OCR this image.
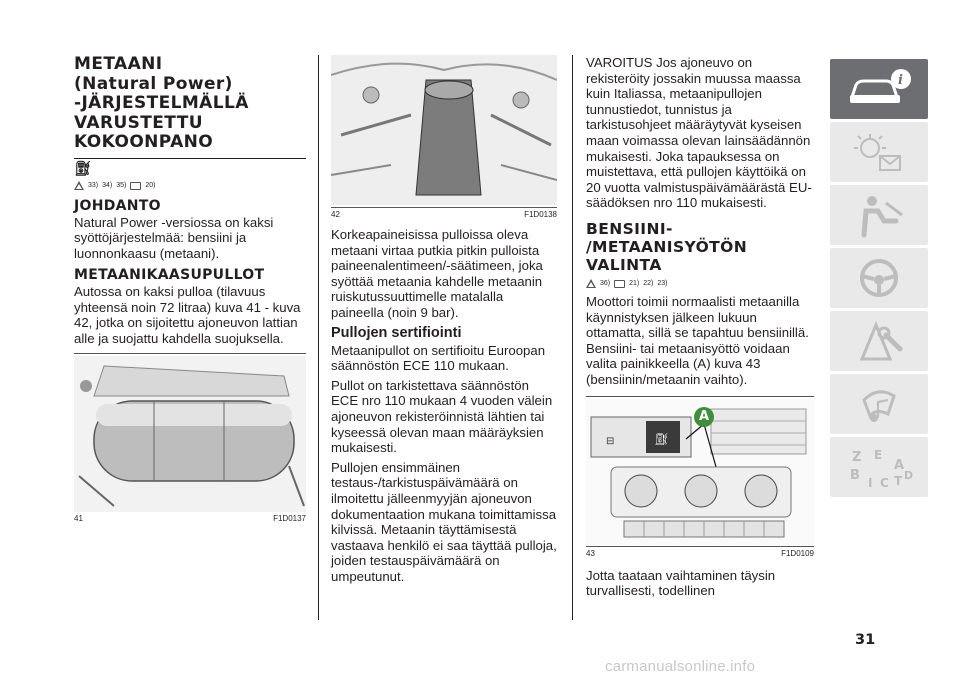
METAANI
(Natural Power)
-JÄRJESTELMÄLLÄ
VARUSTETTU
KOKOONPANO
⛽︎
33) 34) 35)	20)
JOHDANTO
Natural Power -versiossa on kaksi syöttöjärjestelmää: bensiini ja luonnonkaasu (metaani).
METAANIKAASUPULLOT
Autossa on kaksi pulloa (tilavuus yhteensä noin 72 litraa) kuva 41 - kuva 42, jotka on sijoitettu ajoneuvon lattian alle ja suojattu kahdella suojuksella.
41	F1D0137
42	F1D0138
Korkeapaineisissa pulloissa oleva metaani virtaa putkia pitkin pulloista paineenalentimeen/-säätimeen, joka syöttää metaania kahdelle metaanin ruiskutussuuttimelle matalalla paineella (noin 9 bar).
Pullojen sertifiointi
Metaanipullot on sertifioitu Euroopan säännöstön ECE 110 mukaan.
Pullot on tarkistettava säännöstön ECE nro 110 mukaan 4 vuoden välein ajoneuvon rekisteröinnistä lähtien tai kyseessä olevan maan määräyksien mukaisesti.
Pullojen ensimmäinen testaus-/tarkistuspäivämäärä on ilmoitettu jälleenmyyjän ajoneuvon dokumentaation mukana toimittamissa kilvissä. Metaanin täyttämisestä vastaava henkilö ei saa täyttää pulloja, joiden testauspäivämäärä on umpeutunut.
VAROITUS Jos ajoneuvo on rekisteröity jossakin muussa maassa kuin Italiassa, metaanipullojen tunnustiedot, tunnistus ja tarkistusohjeet määräytyvät kyseisen maan voimassa olevan lainsäädännön mukaisesti. Joka tapauksessa on muistettava, että pullojen käyttöikä on 20 vuotta valmistuspäivämäärästä EU-säädöksen nro 110 mukaisesti.
BENSIINI-
/METAANISYÖTÖN
VALINTA
36)	21) 22) 23)
Moottori toimii normaalisti metaanilla käynnistyksen jälkeen lukuun ottamatta, sillä se tapahtuu bensiinillä.
Bensiini- tai metaanisyöttö voidaan valita painikkeella (A) kuva 43 (bensiinin/metaanin vaihto).
⊟	⛽︎
A
43	F1D0109
Jotta taataan vaihtaminen täysin turvallisesti, todellinen
i
Z E
A
B I C T D
31
carmanualsonline.info
